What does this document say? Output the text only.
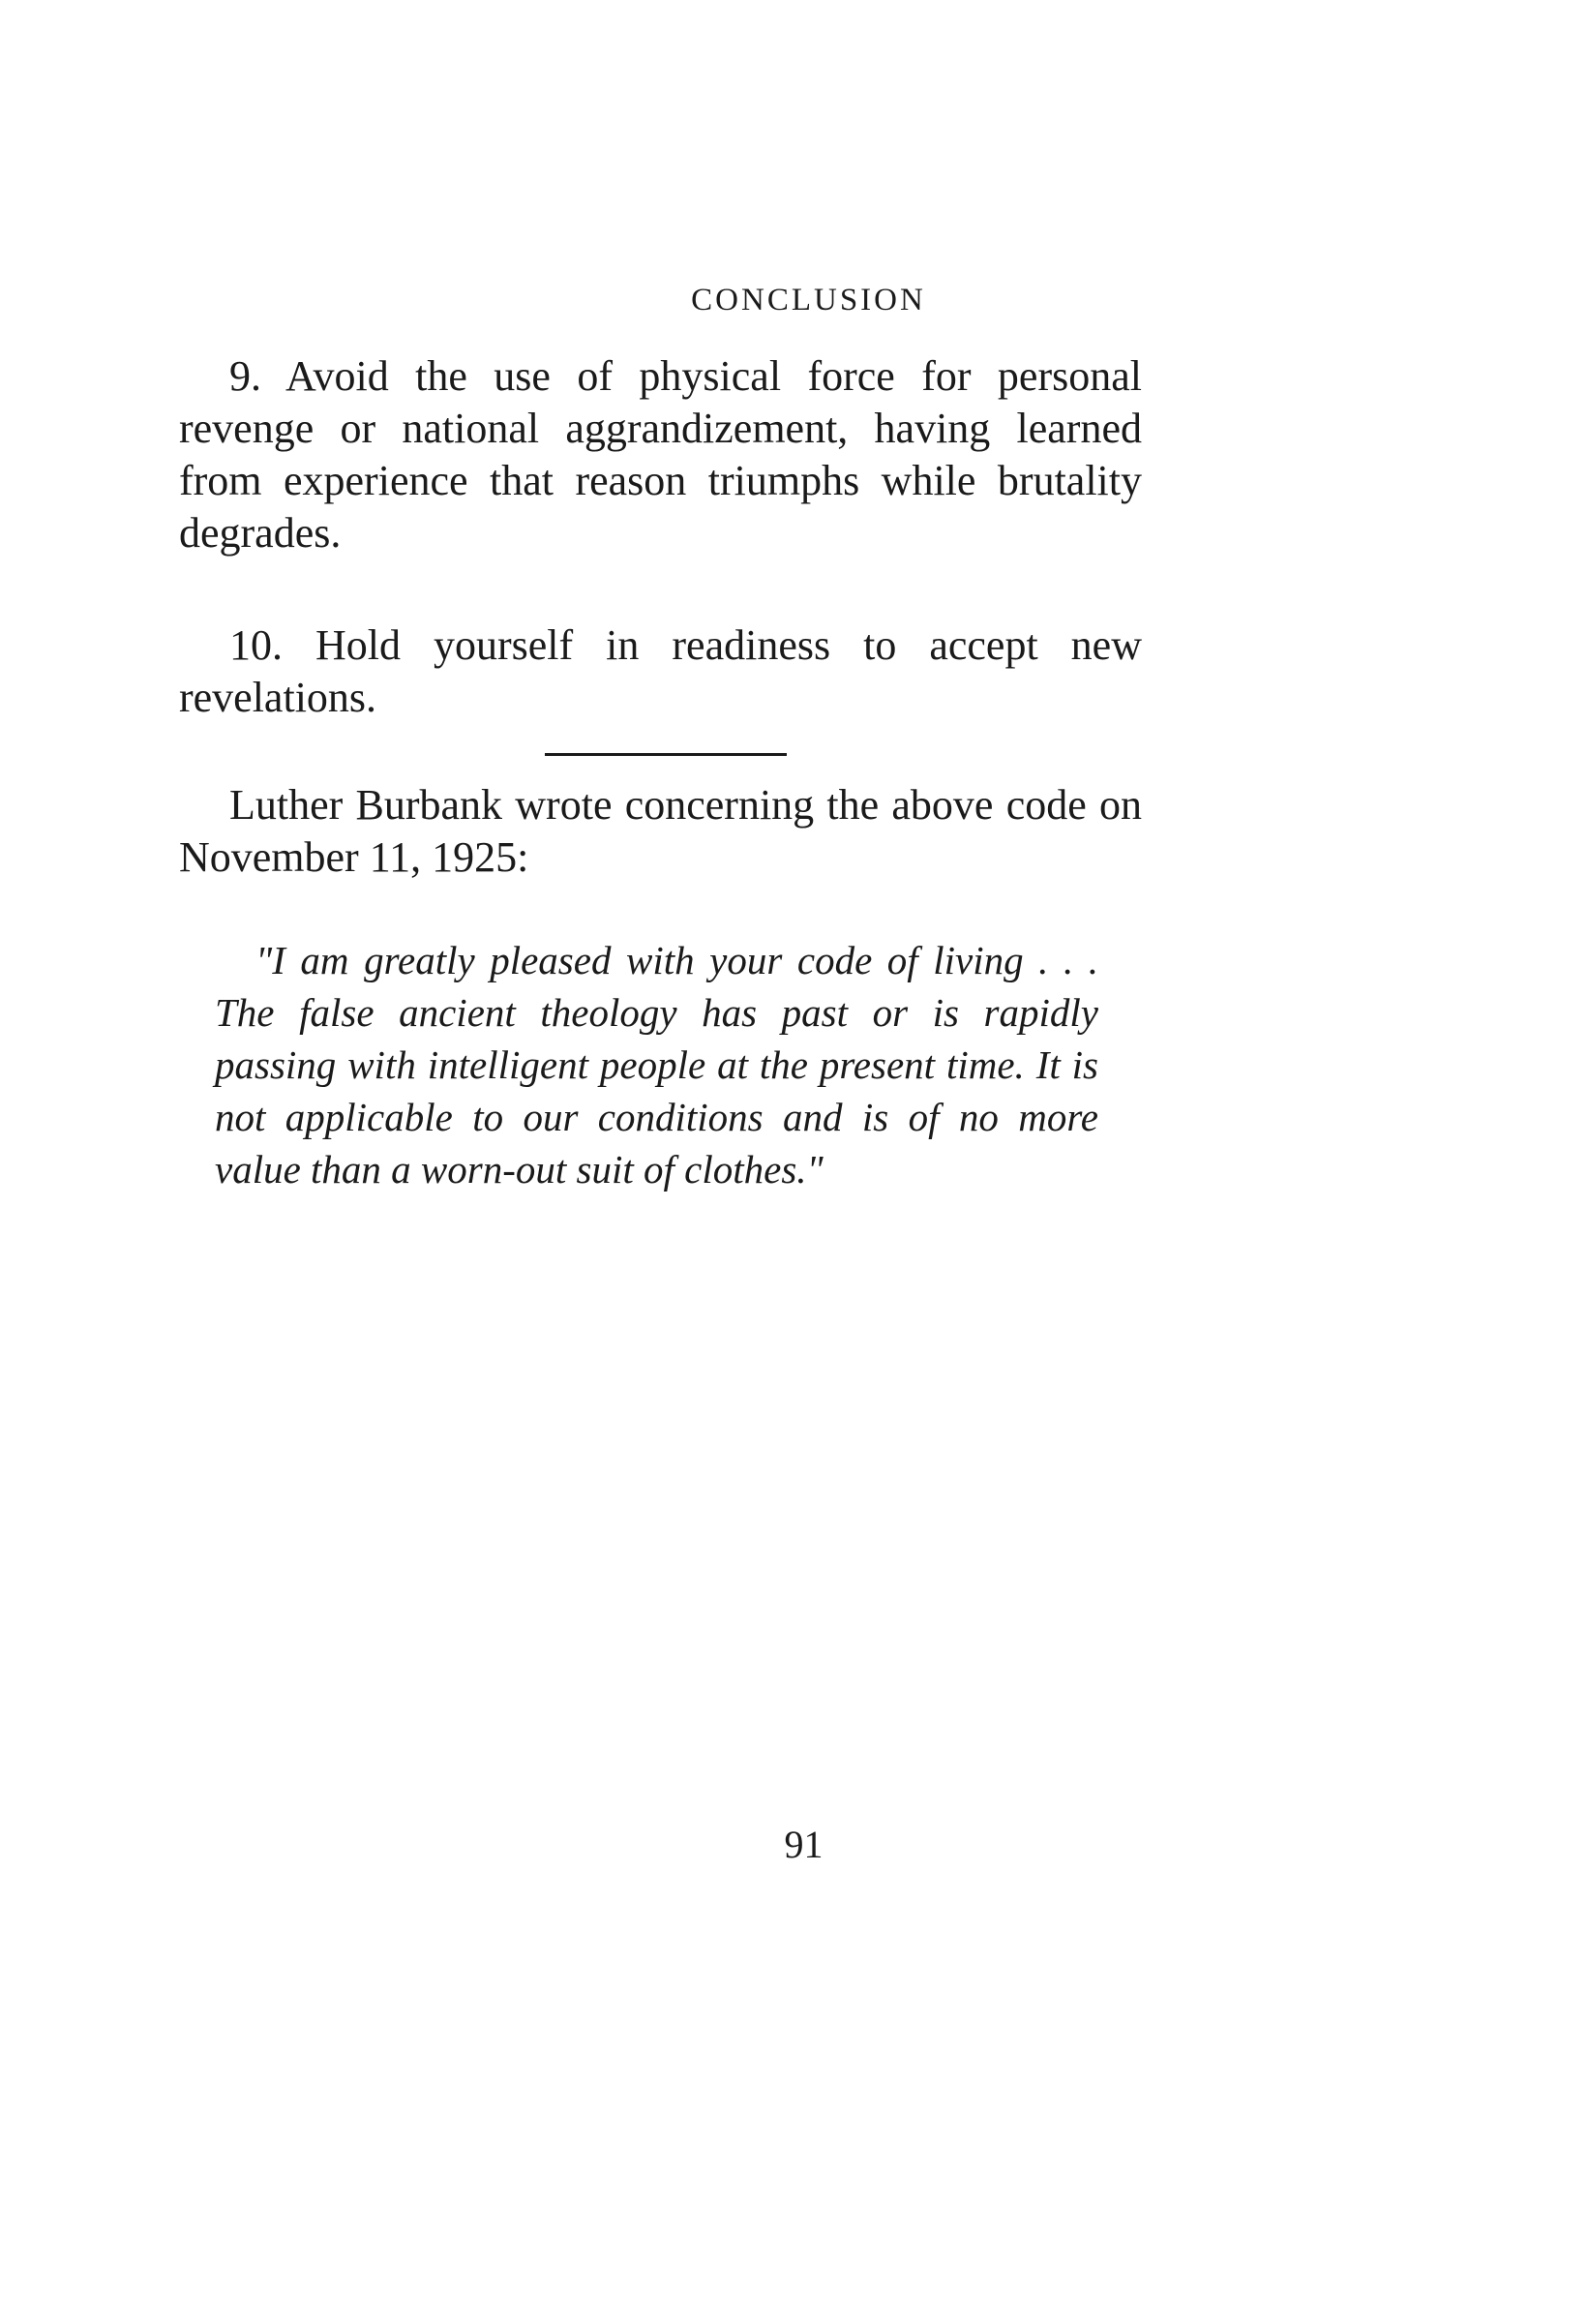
CONCLUSION

9. Avoid the use of physical force for personal revenge or national aggrandizement, having learned from experience that reason triumphs while brutality degrades.

10. Hold yourself in readiness to accept new revelations.

Luther Burbank wrote concerning the above code on November 11, 1925:

"I am greatly pleased with your code of living . . . The false ancient theology has past or is rapidly passing with intelligent people at the present time. It is not applicable to our conditions and is of no more value than a worn-out suit of clothes."

91
